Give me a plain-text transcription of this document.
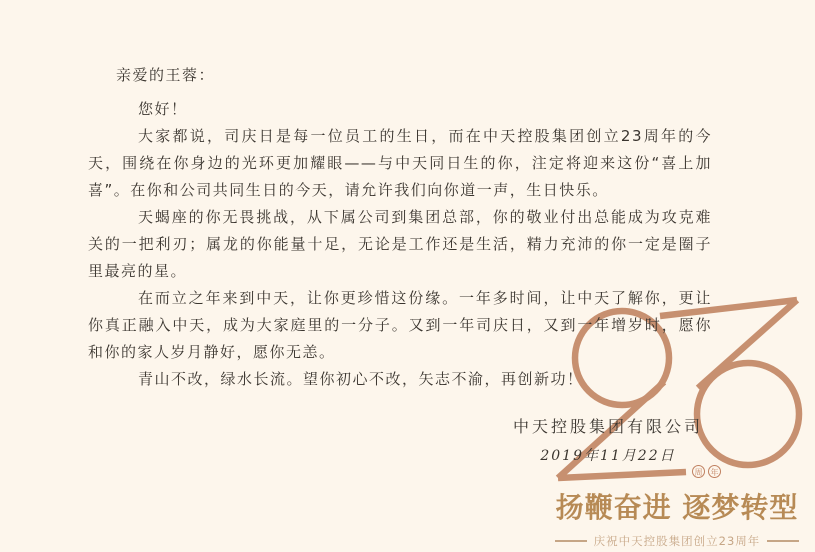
亲爱的王蓉：
您好！

大家都说，司庆日是每一位员工的生日，而在中天控股集团创立23周年的今天，围绕在你身边的光环更加耀眼——与中天同日生的你，注定将迎来这份“喜上加喜”。在你和公司共同生日的今天，请允许我们向你道一声，生日快乐。

天蝎座的你无畏挑战，从下属公司到集团总部，你的敬业付出总能成为攻克难关的一把利刃；属龙的你能量十足，无论是工作还是生活，精力充沛的你一定是圈子里最亮的星。

在而立之年来到中天，让你更珍惜这份缘。一年多时间，让中天了解你，更让你真正融入中天，成为大家庭里的一分子。又到一年司庆日，又到一年增岁时，愿你和你的家人岁月静好，愿你无恙。

青山不改，绿水长流。望你初心不改，矢志不渝，再创新功！

周	年
中天控股集团有限公司
2019年11月22日
扬鞭奋进 逐梦转型
庆祝中天控股集团创立23周年
